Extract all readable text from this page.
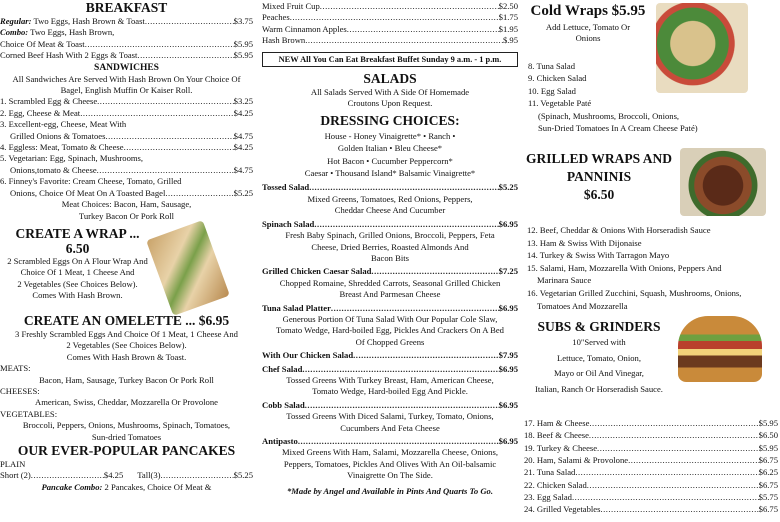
BREAKFAST
Regular: Two Eggs, Hash Brown & Toast .....	$3.75
Combo: Two Eggs, Hash Brown,
Choice Of Meat & Toast .....	$5.95
Corned Beef Hash With 2 Eggs & Toast .....	$5.95
SANDWICHES
All Sandwiches Are Served With Hash Brown On Your Choice Of
Bagel, English Muffin Or Kaiser Roll.
1. Scrambled Egg & Cheese .....	$3.25
2. Egg, Cheese & Meat .....	$4.25
3. Excellent-egg, Cheese, Meat With
Grilled Onions & Tomatoes .....	$4.75
4. Eggless: Meat, Tomato & Cheese .....	$4.25
5. Vegetarian: Egg, Spinach, Mushrooms,
Onions,tomato & Cheese .....	$4.75
6. Finney's Favorite: Cream Cheese, Tomato, Grilled
Onions, Choice Of Meat On A Toasted Bagel .....	$5.25
Meat Choices: Bacon, Ham, Sausage,
Turkey Bacon Or Pork Roll
CREATE A WRAP ...
6.50
2 Scrambled Eggs On A Flour Wrap And
Choice Of 1 Meat, 1 Cheese And
2 Vegetables (See Choices Below).
Comes With Hash Brown.
CREATE AN OMELETTE ... $6.95
3 Freshly Scrambled Eggs And Choice Of 1 Meat, 1 Cheese And
2 Vegetables (See Choices Below).
Comes With Hash Brown & Toast.
MEATS:
Bacon, Ham, Sausage, Turkey Bacon Or Pork Roll
CHEESES:
American, Swiss, Cheddar, Mozzarella Or Provolone
VEGETABLES:
Broccoli, Peppers, Onions, Mushrooms, Spinach, Tomatoes,
Sun-dried Tomatoes
OUR EVER-POPULAR PANCAKES
PLAIN
Short (2) .....	$4.25	Tall(3) .....	$5.25
Pancake Combo: 2 Pancakes, Choice Of Meat &
Mixed Fruit Cup .....	$2.50
Peaches .....	$1.75
Warm Cinnamon Apples .....	$1.95
Hash Brown .....	$.95
NEW All You Can Eat Breakfast Buffet Sunday 9 a.m. - 1 p.m.
SALADS
All Salads Served With A Side Of Homemade
Croutons Upon Request.
DRESSING CHOICES:
House - Honey Vinaigrette* • Ranch •
Golden Italian • Bleu Cheese*
Hot Bacon • Cucumber Peppercorn*
Caesar • Thousand Island* Balsamic Vinaigrette*
Tossed Salad .....	$5.25
Mixed Greens, Tomatoes, Red Onions, Peppers,
Cheddar Cheese And Cucumber
Spinach Salad .....	$6.95
Fresh Baby Spinach, Grilled Onions, Broccoli, Peppers, Feta
Cheese, Dried Berries, Roasted Almonds And
Bacon Bits
Grilled Chicken Caesar Salad .....	$7.25
Chopped Romaine, Shredded Carrots, Seasonal Grilled Chicken
Breast And Parmesan Cheese
Tuna Salad Platter .....	$6.95
Generous Portion Of Tuna Salad With Our Popular Cole Slaw,
Tomato Wedge, Hard-boiled Egg, Pickles And Crackers On A Bed
Of Chopped Greens
With Our Chicken Salad .....	$7.95
Chef Salad .....	$6.95
Tossed Greens With Turkey Breast, Ham, American Cheese,
Tomato Wedge, Hard-boiled Egg And Pickle.
Cobb Salad .....	$6.95
Tossed Greens With Diced Salami, Turkey, Tomato, Onions,
Cucumbers And Feta Cheese
Antipasto .....	$6.95
Mixed Greens With Ham, Salami, Mozzarella Cheese, Onions,
Peppers, Tomatoes, Pickles And Olives With An Oil-balsamic
Vinaigrette On The Side.
*Made by Angel and Available in Pints And Quarts To Go.
Cold Wraps $5.95
Add Lettuce, Tomato Or
Onions
8. Tuna Salad
9. Chicken Salad
10. Egg Salad
11. Vegetable Paté
(Spinach, Mushrooms, Broccoli, Onions,
Sun-Dried Tomatoes In A Cream Cheese Paté)
GRILLED WRAPS AND
PANNINIS
$6.50
12. Beef, Cheddar & Onions With Horseradish Sauce
13. Ham & Swiss With Dijonaise
14. Turkey & Swiss With Tarragon Mayo
15. Salami, Ham, Mozzarella With Onions, Peppers And
Marinara Sauce
16. Vegetarian Grilled Zucchini, Squash, Mushrooms, Onions,
Tomatoes And Mozzarella
SUBS & GRINDERS
10"Served with
Lettuce, Tomato, Onion,
Mayo or Oil And Vinegar,
Italian, Ranch Or Horseradish Sauce.
17. Ham & Cheese .....	$5.95
18. Beef & Cheese .....	$6.50
19. Turkey & Cheese .....	$5.95
20. Ham, Salami & Provolone .....	$6.75
21. Tuna Salad .....	$6.25
22. Chicken Salad .....	$6.75
23. Egg Salad .....	$5.75
24. Grilled Vegetables .....	$6.75
